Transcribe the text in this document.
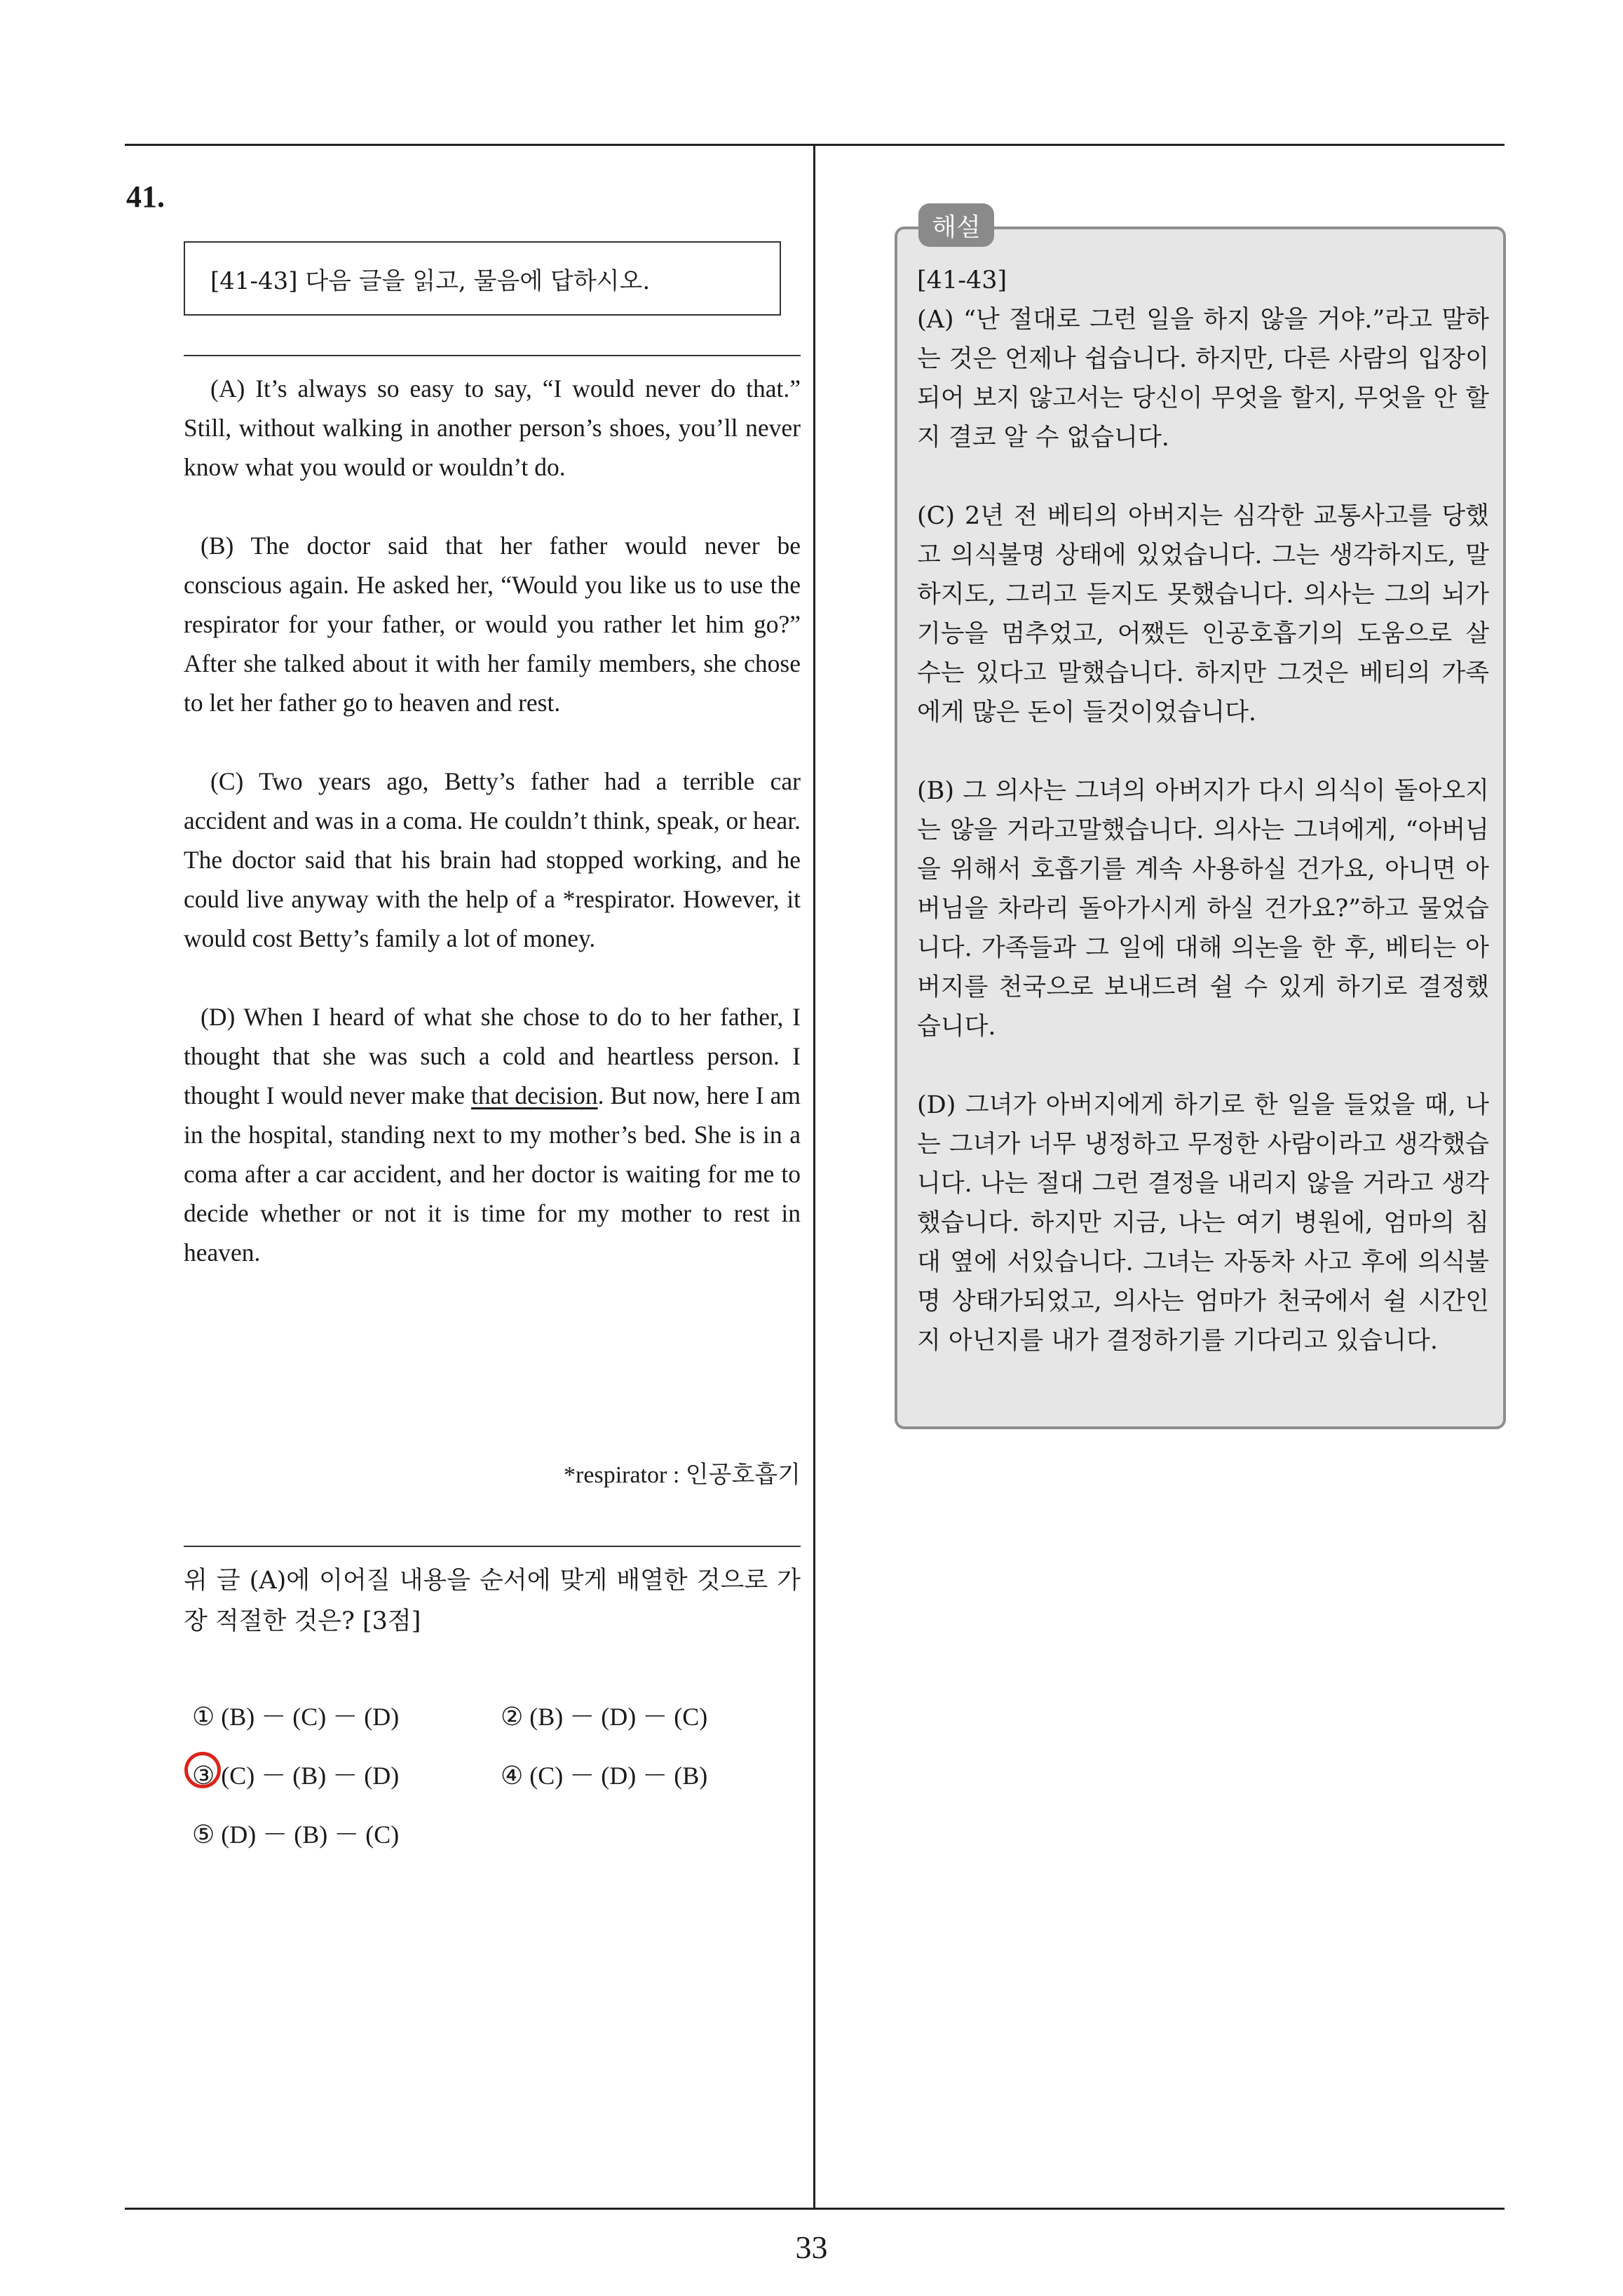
41.
[41-43] 다음 글을 읽고, 물음에 답하시오.

(A) It’s always so easy to say, “I would never do that.” Still, without walking in another person’s shoes, you’ll never know what you would or wouldn’t do.

(B) The doctor said that her father would never be conscious again. He asked her, “Would you like us to use the respirator for your father, or would you rather let him go?” After she talked about it with her family members, she chose to let her father go to heaven and rest.

(C) Two years ago, Betty’s father had a terrible car accident and was in a coma. He couldn’t think, speak, or hear. The doctor said that his brain had stopped working, and he could live anyway with the help of a *respirator. However, it would cost Betty’s family a lot of money.

(D) When I heard of what she chose to do to her father, I thought that she was such a cold and heartless person. I thought I would never make that decision. But now, here I am in the hospital, standing next to my mother’s bed. She is in a coma after a car accident, and her doctor is waiting for me to decide whether or not it is time for my mother to rest in heaven.

*respirator : 인공호흡기
위 글 (A)에 이어질 내용을 순서에 맞게 배열한 것으로 가장 적절한 것은? [3점]
① (B) － (C) － (D)	② (B) － (D) － (C)
③ (C) － (B) － (D)	④ (C) － (D) － (B)
⑤ (D) － (B) － (C)
해설
[41-43]

(A) “난 절대로 그런 일을 하지 않을 거야.”라고 말하는 것은 언제나 쉽습니다. 하지만, 다른 사람의 입장이 되어 보지 않고서는 당신이 무엇을 할지, 무엇을 안 할 지 결코 알 수 없습니다.

(C) 2년 전 베티의 아버지는 심각한 교통사고를 당했고 의식불명 상태에 있었습니다. 그는 생각하지도, 말하지도, 그리고 듣지도 못했습니다. 의사는 그의 뇌가 기능을 멈추었고, 어쨌든 인공호흡기의 도움으로 살 수는 있다고 말했습니다. 하지만 그것은 베티의 가족에게 많은 돈이 들것이었습니다.

(B) 그 의사는 그녀의 아버지가 다시 의식이 돌아오지는 않을 거라고말했습니다. 의사는 그녀에게, “아버님을 위해서 호흡기를 계속 사용하실 건가요, 아니면 아버님을 차라리 돌아가시게 하실 건가요?”하고 물었습니다. 가족들과 그 일에 대해 의논을 한 후, 베티는 아버지를 천국으로 보내드려 쉴 수 있게 하기로 결정했습니다.

(D) 그녀가 아버지에게 하기로 한 일을 들었을 때, 나는 그녀가 너무 냉정하고 무정한 사람이라고 생각했습니다. 나는 절대 그런 결정을 내리지 않을 거라고 생각했습니다. 하지만 지금, 나는 여기 병원에, 엄마의 침대 옆에 서있습니다. 그녀는 자동차 사고 후에 의식불명 상태가되었고, 의사는 엄마가 천국에서 쉴 시간인지 아닌지를 내가 결정하기를 기다리고 있습니다.

33
